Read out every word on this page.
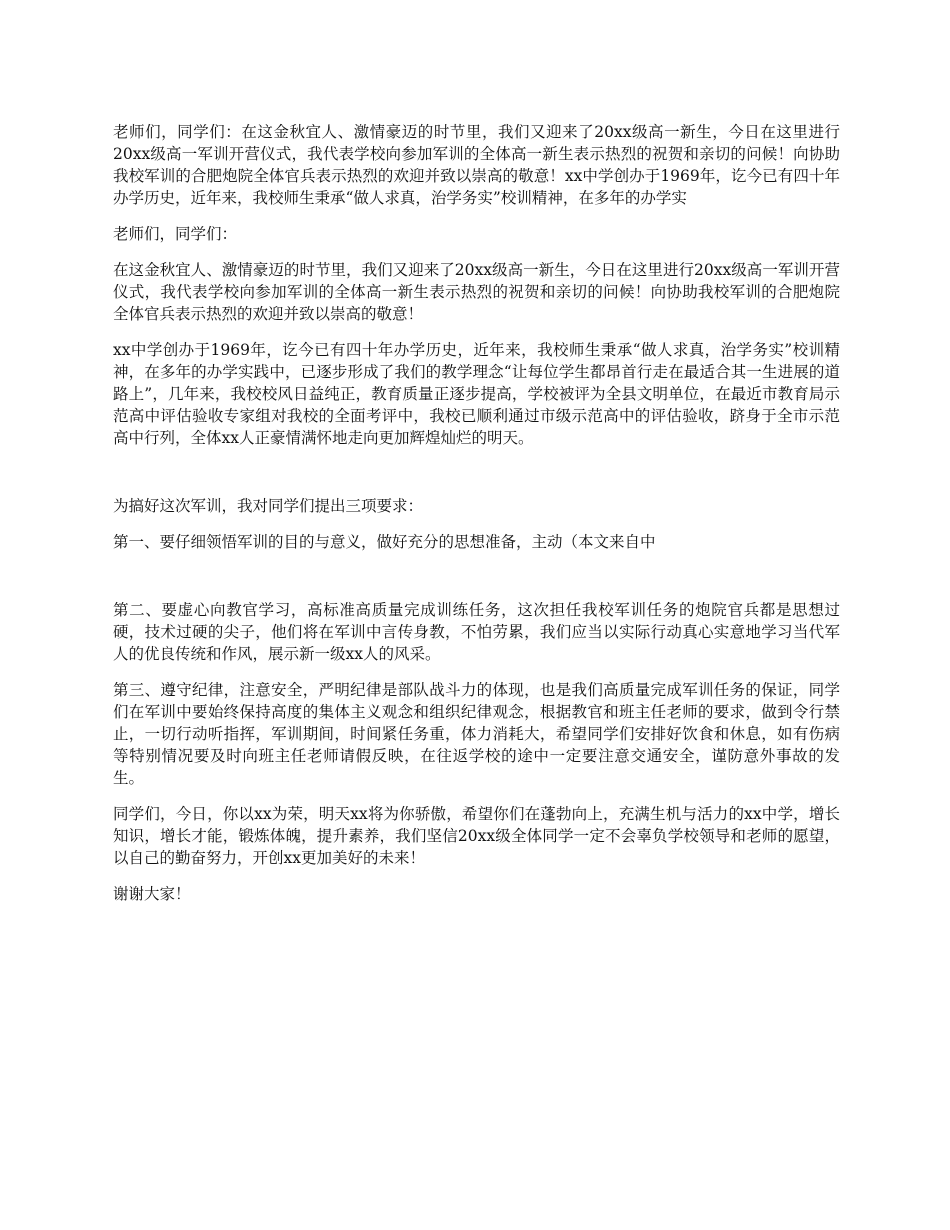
老师们，同学们：在这金秋宜人、激情豪迈的时节里，我们又迎来了20xx级高一新生，今日在这里进行20xx级高一军训开营仪式，我代表学校向参加军训的全体高一新生表示热烈的祝贺和亲切的问候！向协助我校军训的合肥炮院全体官兵表示热烈的欢迎并致以崇高的敬意！xx中学创办于1969年，讫今已有四十年办学历史，近年来，我校师生秉承“做人求真，治学务实”校训精神，在多年的办学实

老师们，同学们：

在这金秋宜人、激情豪迈的时节里，我们又迎来了20xx级高一新生，今日在这里进行20xx级高一军训开营仪式，我代表学校向参加军训的全体高一新生表示热烈的祝贺和亲切的问候！向协助我校军训的合肥炮院全体官兵表示热烈的欢迎并致以崇高的敬意！

xx中学创办于1969年，讫今已有四十年办学历史，近年来，我校师生秉承“做人求真，治学务实”校训精神，在多年的办学实践中，已逐步形成了我们的教学理念“让每位学生都昂首行走在最适合其一生进展的道路上”，几年来，我校校风日益纯正，教育质量正逐步提高，学校被评为全县文明单位，在最近市教育局示范高中评估验收专家组对我校的全面考评中，我校已顺利通过市级示范高中的评估验收，跻身于全市示范高中行列，全体xx人正豪情满怀地走向更加辉煌灿烂的明天。

为搞好这次军训，我对同学们提出三项要求：

第一、要仔细领悟军训的目的与意义，做好充分的思想准备，主动（本文来自中

第二、要虚心向教官学习，高标准高质量完成训练任务，这次担任我校军训任务的炮院官兵都是思想过硬，技术过硬的尖子，他们将在军训中言传身教，不怕劳累，我们应当以实际行动真心实意地学习当代军人的优良传统和作风，展示新一级xx人的风采。

第三、遵守纪律，注意安全，严明纪律是部队战斗力的体现，也是我们高质量完成军训任务的保证，同学们在军训中要始终保持高度的集体主义观念和组织纪律观念，根据教官和班主任老师的要求，做到令行禁止，一切行动听指挥，军训期间，时间紧任务重，体力消耗大，希望同学们安排好饮食和休息，如有伤病等特别情况要及时向班主任老师请假反映，在往返学校的途中一定要注意交通安全，谨防意外事故的发生。

同学们，今日，你以xx为荣，明天xx将为你骄傲，希望你们在蓬勃向上，充满生机与活力的xx中学，增长知识，增长才能，锻炼体魄，提升素养，我们坚信20xx级全体同学一定不会辜负学校领导和老师的愿望，以自己的勤奋努力，开创xx更加美好的未来！

谢谢大家！
